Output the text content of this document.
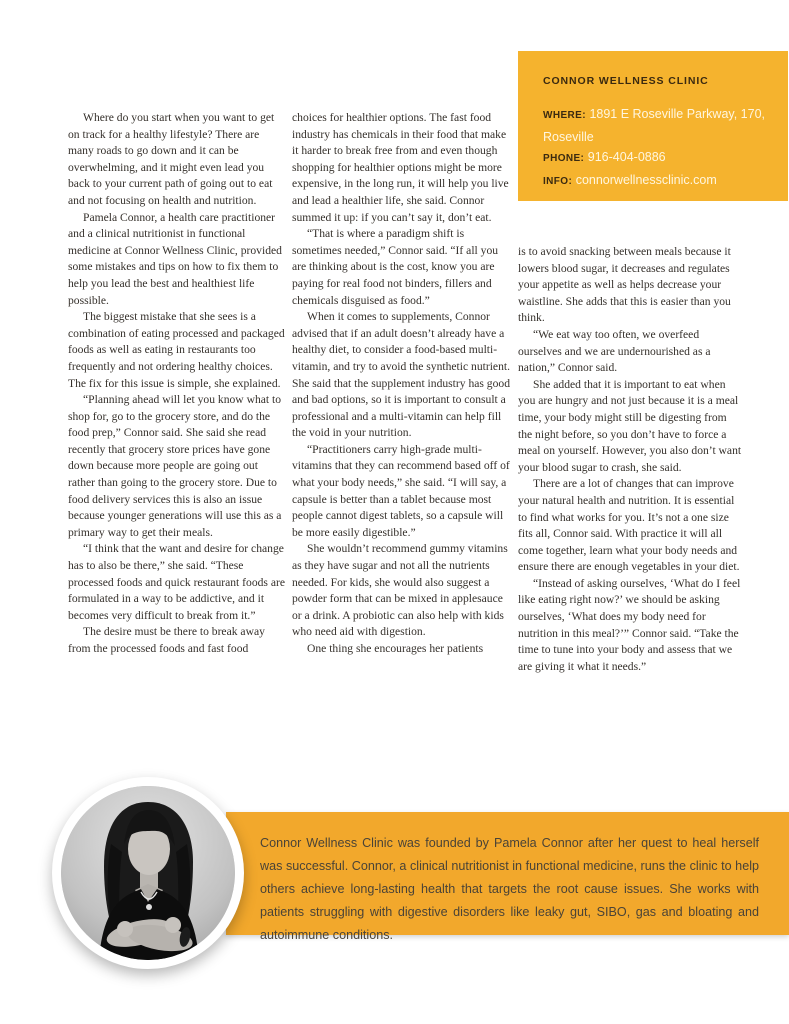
CONNOR WELLNESS CLINIC
WHERE: 1891 E Roseville Parkway, 170, Roseville
PHONE: 916-404-0886
INFO: connorwellnessclinic.com

Where do you start when you want to get on track for a healthy lifestyle? There are many roads to go down and it can be overwhelming, and it might even lead you back to your current path of going out to eat and not focusing on health and nutrition.

Pamela Connor, a health care practitioner and a clinical nutritionist in functional medicine at Connor Wellness Clinic, provided some mistakes and tips on how to fix them to help you lead the best and healthiest life possible.

The biggest mistake that she sees is a combination of eating processed and packaged foods as well as eating in restaurants too frequently and not ordering healthy choices. The fix for this issue is simple, she explained.

“Planning ahead will let you know what to shop for, go to the grocery store, and do the food prep,” Connor said. She said she read recently that grocery store prices have gone down because more people are going out rather than going to the grocery store. Due to food delivery services this is also an issue because younger generations will use this as a primary way to get their meals.

“I think that the want and desire for change has to also be there,” she said. “These processed foods and quick restaurant foods are formulated in a way to be addictive, and it becomes very difficult to break from it.”

The desire must be there to break away from the processed foods and fast food

choices for healthier options. The fast food industry has chemicals in their food that make it harder to break free from and even though shopping for healthier options might be more expensive, in the long run, it will help you live and lead a healthier life, she said. Connor summed it up: if you can’t say it, don’t eat.

“That is where a paradigm shift is sometimes needed,” Connor said. “If all you are thinking about is the cost, know you are paying for real food not binders, fillers and chemicals disguised as food.”

When it comes to supplements, Connor advised that if an adult doesn’t already have a healthy diet, to consider a food-based multi-vitamin, and try to avoid the synthetic nutrient. She said that the supplement industry has good and bad options, so it is important to consult a professional and a multi-vitamin can help fill the void in your nutrition.

“Practitioners carry high-grade multi-vitamins that they can recommend based off of what your body needs,” she said. “I will say, a capsule is better than a tablet because most people cannot digest tablets, so a capsule will be more easily digestible.”

She wouldn’t recommend gummy vitamins as they have sugar and not all the nutrients needed. For kids, she would also suggest a powder form that can be mixed in applesauce or a drink. A probiotic can also help with kids who need aid with digestion.

One thing she encourages her patients

is to avoid snacking between meals because it lowers blood sugar, it decreases and regulates your appetite as well as helps decrease your waistline. She adds that this is easier than you think.

“We eat way too often, we overfeed ourselves and we are undernourished as a nation,” Connor said.

She added that it is important to eat when you are hungry and not just because it is a meal time, your body might still be digesting from the night before, so you don’t have to force a meal on yourself. However, you also don’t want your blood sugar to crash, she said.

There are a lot of changes that can improve your natural health and nutrition. It is essential to find what works for you. It’s not a one size fits all, Connor said. With practice it will all come together, learn what your body needs and ensure there are enough vegetables in your diet.

“Instead of asking ourselves, ‘What do I feel like eating right now?’ we should be asking ourselves, ‘What does my body need for nutrition in this meal?’” Connor said. “Take the time to tune into your body and assess that we are giving it what it needs.”

Connor Wellness Clinic was founded by Pamela Connor after her quest to heal herself was successful. Connor, a clinical nutritionist in functional medicine, runs the clinic to help others achieve long-lasting health that targets the root cause issues. She works with patients struggling with digestive disorders like leaky gut, SIBO, gas and bloating and autoimmune conditions.
